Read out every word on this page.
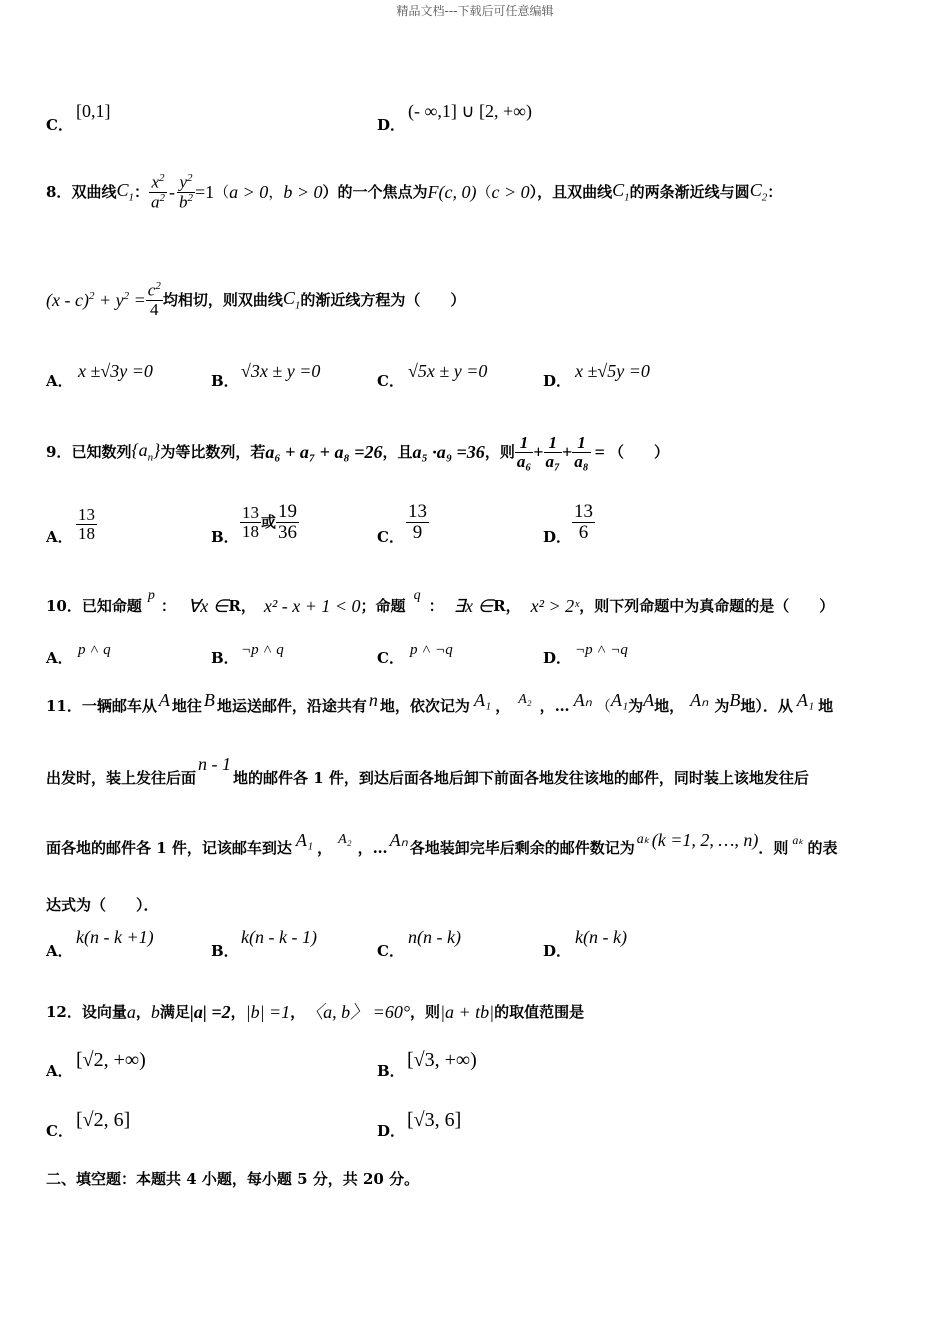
精品文档---下载后可任意编辑
C．
[0,1]
D．
(- ∞,1] ∪ [2, +∞)
8． 双曲线 $C_1$ ： $\frac{x^2}{a^2} - \frac{y^2}{b^2} =1$ （ a > 0 ， b > 0 ）的一个焦点为 F(c, 0) （ c > 0 ），且双曲线 $C_1$ 的两条渐近线与圆 $C_2$ ：
$(x - c)^2 + y^2 = \frac{c^2}{4}$ 均相切，则双曲线 $C_1$ 的渐近线方程为（　　）
A． x ±√3y =0	B． √3x ± y =0	C． √5x ± y =0	D． x ±√5y =0
9． 已知数列 $\{a_n\}$ 为等比数列，若 a₆ + a₇ + a₈ =26 ，且 a₅ ·a₉ =36 ，则 $\frac{1}{\text{a₆}} + \frac{1}{\text{a₇}} + \frac{1}{\text{a₈}}$ = （　　）
A． $\frac{13}{18}$	B． $\frac{13}{18}$ 或 $\frac{19}{36}$	C． $\frac{13}{9}$	D． $\frac{13}{6}$
10． 已知命题
p
： ∀x ∈ R ， x² - x + 1 < 0 ；命题
q
： ∃x ∈ R ， x² > 2ˣ ，则下列命题中为真命题的是（　　）
A． p ˄ q	B． ¬p ˄ q	C． p ˄ ¬q	D． ¬p ˄ ¬q
11． 一辆邮车从 A 地往 B 地运送邮件，沿途共有 n 地，依次记为 A₁ ， A₂ ， … Aₙ （ A₁ 为 A 地， Aₙ 为 B 地）．从 A₁ 地
出发时，装上发往后面
n - 1
地的邮件各 1 件，到达后面各地后卸下前面各地发往该地的邮件，同时装上该地发往后
面各地的邮件各 1 件，记该邮车到达 A₁ ， A₂ ， … Aₙ 各地装卸完毕后剩余的邮件数记为 aₖ (k =1, 2, …, n) ．则 aₖ 的表
达式为（　　）．
A．
k(n - k +1)
B．
k(n - k - 1)
C．
n(n - k)
D．
k(n - k)
12． 设向量 a ， b 满足 |a| =2 ， |b| =1 ， 〈a, b〉 =60° ，则 |a + tb| 的取值范围是
A． [√2, +∞)	B． [√3, +∞)
C． [√2, 6]	D． [√3, 6]
二、填空题：本题共 4 小题，每小题 5 分，共 20 分。
